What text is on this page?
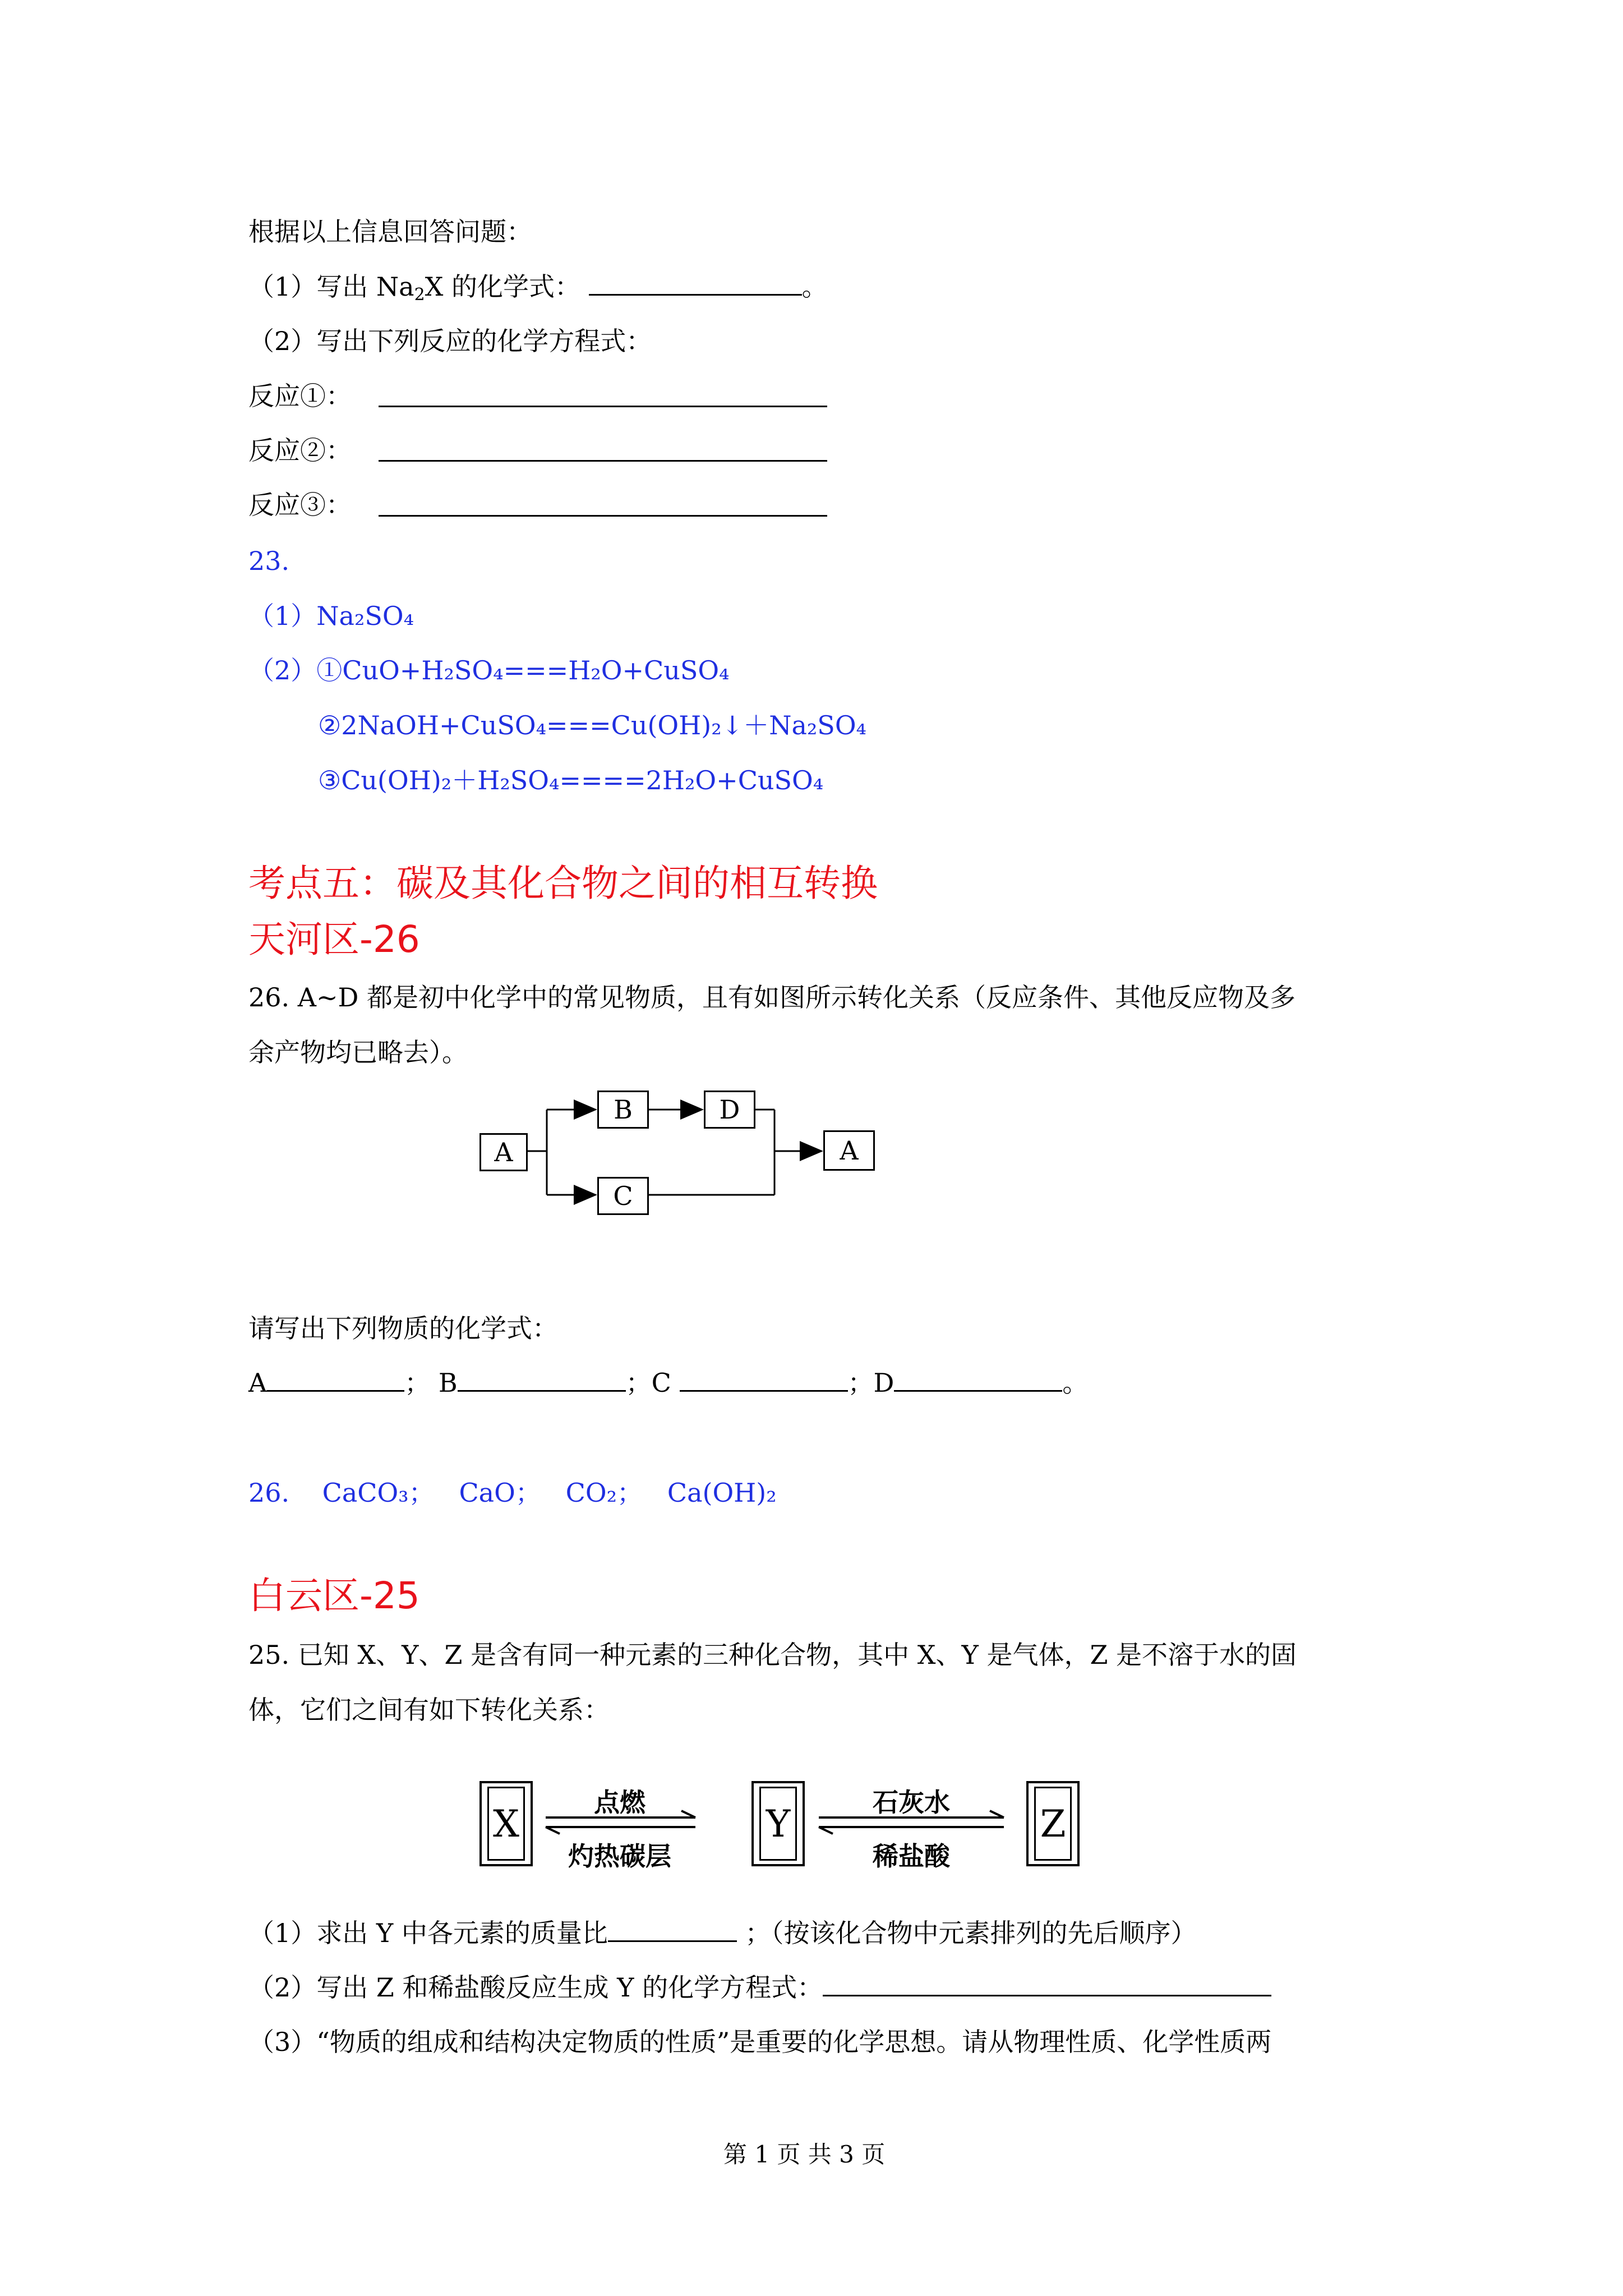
根据以上信息回答问题：
（1）写出 $Na_2X$ 的化学式：	。
（2）写出下列反应的化学方程式：
反应①：
反应②：
反应③：
23.
（1）Na₂SO₄
（2）①CuO+H₂SO₄===H₂O+CuSO₄
②2NaOH+CuSO₄===Cu(OH)₂↓＋Na₂SO₄
③Cu(OH)₂＋H₂SO₄====2H₂O+CuSO₄
考点五：碳及其化合物之间的相互转换
天河区-26
26. A~D 都是初中化学中的常见物质，且有如图所示转化关系（反应条件、其他反应物及多
余产物均已略去）。
A
B	D
C
A
请写出下列物质的化学式：
A	； B	；C	；D	。
26.    CaCO₃；   CaO；   CO₂；   Ca(OH)₂
白云区-25
25. 已知 X、Y、Z 是含有同一种元素的三种化合物，其中 X、Y 是气体，Z 是不溶于水的固
体，它们之间有如下转化关系：
X	Y	Z
点燃
灼热碳层
石灰水
稀盐酸
（1）求出 Y 中各元素的质量比	；（按该化合物中元素排列的先后顺序）
（2）写出 Z 和稀盐酸反应生成 Y 的化学方程式：
（3）“物质的组成和结构决定物质的性质”是重要的化学思想。请从物理性质、化学性质两
第 1 页 共 3 页
